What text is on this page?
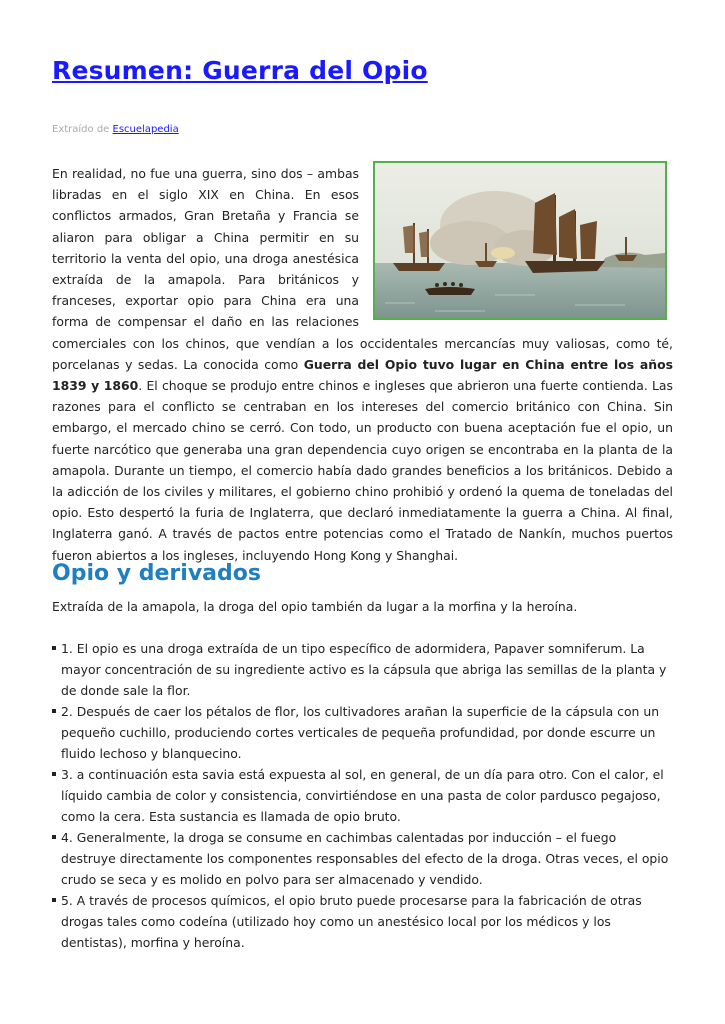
Resumen: Guerra del Opio
Extraído de Escuelapedia

En realidad, no fue una guerra, sino dos – ambas libradas en el siglo XIX en China. En esos conflictos armados, Gran Bretaña y Francia se aliaron para obligar a China permitir en su territorio la venta del opio, una droga anestésica extraída de la amapola. Para británicos y franceses, exportar opio para China era una forma de compensar el daño en las relaciones comerciales con los chinos, que vendían a los occidentales mercancías muy valiosas, como té, porcelanas y sedas. La conocida como Guerra del Opio tuvo lugar en China entre los años 1839 y 1860. El choque se produjo entre chinos e ingleses que abrieron una fuerte contienda. Las razones para el conflicto se centraban en los intereses del comercio británico con China. Sin embargo, el mercado chino se cerró. Con todo, un producto con buena aceptación fue el opio, un fuerte narcótico que generaba una gran dependencia cuyo origen se encontraba en la planta de la amapola. Durante un tiempo, el comercio había dado grandes beneficios a los británicos. Debido a la adicción de los civiles y militares, el gobierno chino prohibió y ordenó la quema de toneladas del opio. Esto despertó la furia de Inglaterra, que declaró inmediatamente la guerra a China. Al final, Inglaterra ganó. A través de pactos entre potencias como el Tratado de Nankín, muchos puertos fueron abiertos a los ingleses, incluyendo Hong Kong y Shanghai.

Opio y derivados

Extraída de la amapola, la droga del opio también da lugar a la morfina y la heroína.

1. El opio es una droga extraída de un tipo específico de adormidera, Papaver somniferum. La mayor concentración de su ingrediente activo es la cápsula que abriga las semillas de la planta y de donde sale la flor.
2. Después de caer los pétalos de flor, los cultivadores arañan la superficie de la cápsula con un pequeño cuchillo, produciendo cortes verticales de pequeña profundidad, por donde escurre un fluido lechoso y blanquecino.
3. a continuación esta savia está expuesta al sol, en general, de un día para otro. Con el calor, el líquido cambia de color y consistencia, convirtiéndose en una pasta de color pardusco pegajoso, como la cera. Esta sustancia es llamada de opio bruto.
4. Generalmente, la droga se consume en cachimbas calentadas por inducción – el fuego destruye directamente los componentes responsables del efecto de la droga. Otras veces, el opio crudo se seca y es molido en polvo para ser almacenado y vendido.
5. A través de procesos químicos, el opio bruto puede procesarse para la fabricación de otras drogas tales como codeína (utilizado hoy como un anestésico local por los médicos y los dentistas), morfina y heroína.
